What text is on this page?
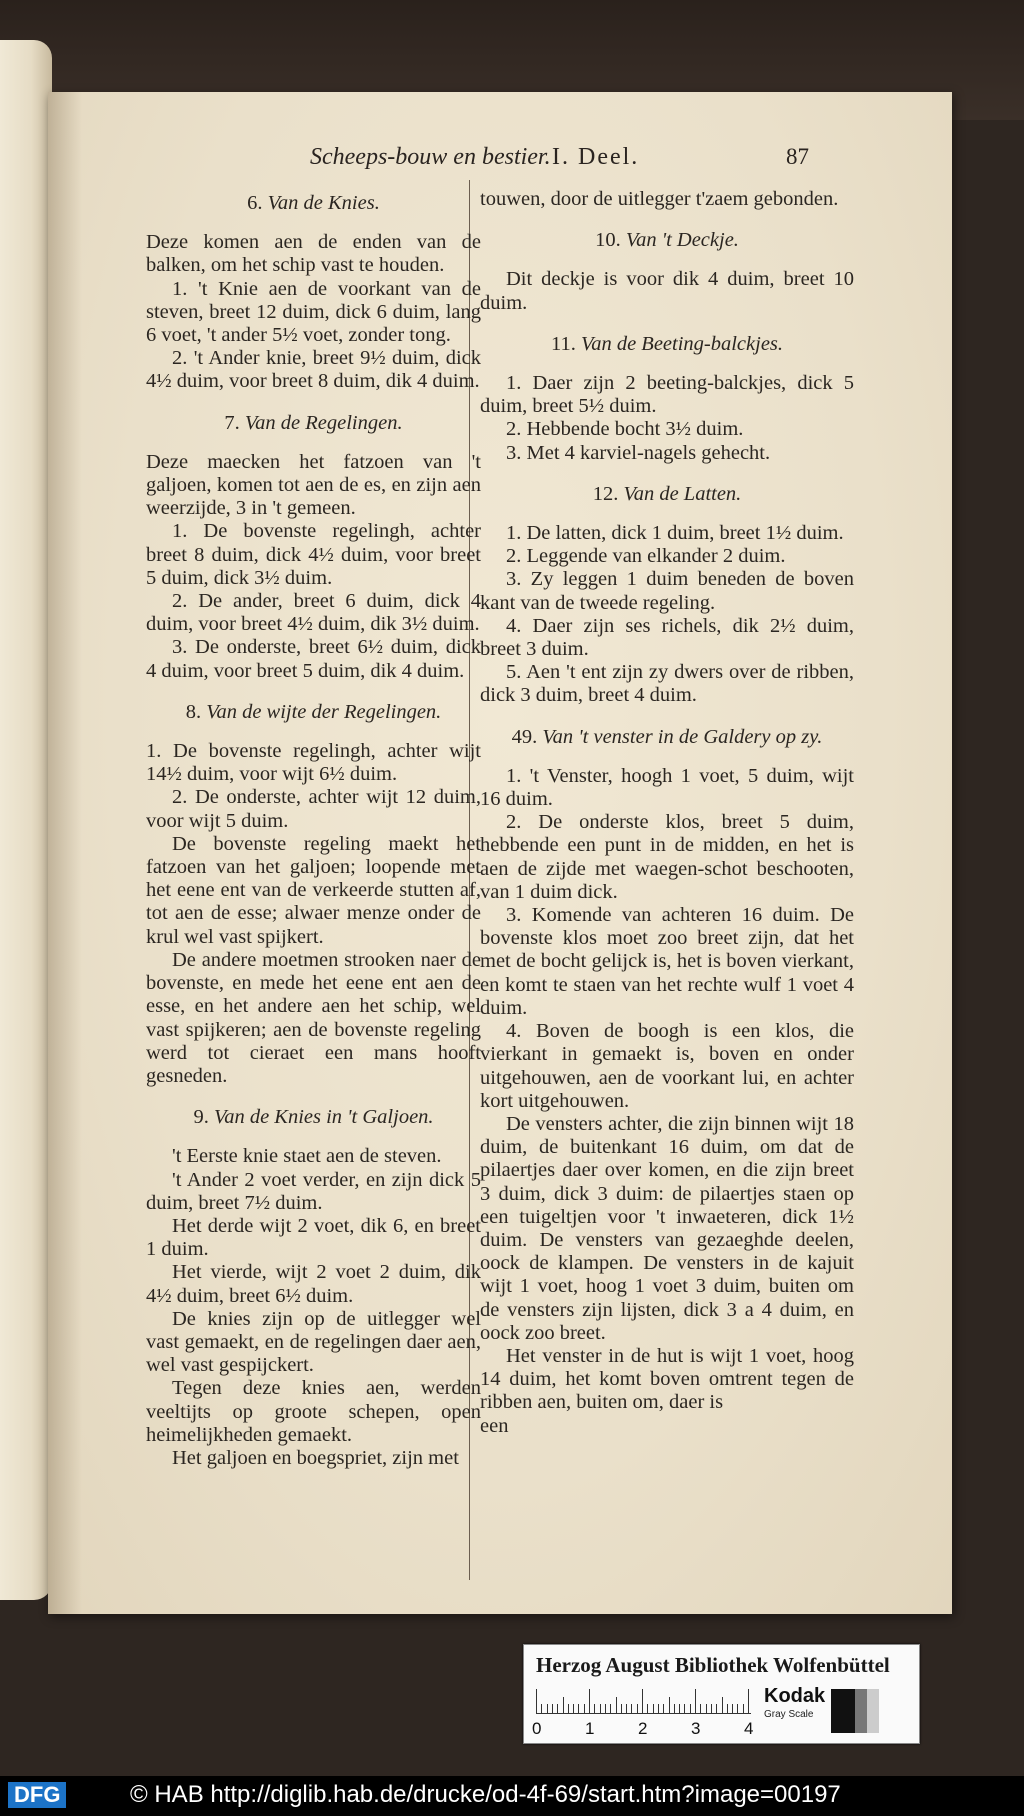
Scheeps-bouw en bestier. I. Deel.	87
6. Van de Knies.

Deze komen aen de enden van de balken, om het schip vast te houden.

1. 't Knie aen de voorkant van de steven, breet 12 duim, dick 6 duim, lang 6 voet, 't ander 5½ voet, zonder tong.

2. 't Ander knie, breet 9½ duim, dick 4½ duim, voor breet 8 duim, dik 4 duim.

7. Van de Regelingen.

Deze maecken het fatzoen van 't galjoen, komen tot aen de es, en zijn aen weerzijde, 3 in 't gemeen.

1. De bovenste regelingh, achter breet 8 duim, dick 4½ duim, voor breet 5 duim, dick 3½ duim.

2. De ander, breet 6 duim, dick 4 duim, voor breet 4½ duim, dik 3½ duim.

3. De onderste, breet 6½ duim, dick 4 duim, voor breet 5 duim, dik 4 duim.

8. Van de wijte der Regelingen.

1. De bovenste regelingh, achter wijt 14½ duim, voor wijt 6½ duim.

2. De onderste, achter wijt 12 duim, voor wijt 5 duim.

De bovenste regeling maekt het fatzoen van het galjoen; loopende met het eene ent van de verkeerde stutten af, tot aen de esse; alwaer menze onder de krul wel vast spijkert.

De andere moetmen strooken naer de bovenste, en mede het eene ent aen de esse, en het andere aen het schip, wel vast spijkeren; aen de bovenste regeling werd tot cieraet een mans hooft gesneden.

9. Van de Knies in 't Galjoen.

't Eerste knie staet aen de steven.

't Ander 2 voet verder, en zijn dick 5 duim, breet 7½ duim.

Het derde wijt 2 voet, dik 6, en breet 1 duim.

Het vierde, wijt 2 voet 2 duim, dik 4½ duim, breet 6½ duim.

De knies zijn op de uitlegger wel vast gemaekt, en de regelingen daer aen, wel vast gespijckert.

Tegen deze knies aen, werden veeltijts op groote schepen, open heimelijkheden gemaekt.

Het galjoen en boegspriet, zijn met

touwen, door de uitlegger t'zaem gebonden.

10. Van 't Deckje.

Dit deckje is voor dik 4 duim, breet 10 duim.

11. Van de Beeting-balckjes.

1. Daer zijn 2 beeting-balckjes, dick 5 duim, breet 5½ duim.

2. Hebbende bocht 3½ duim.

3. Met 4 karviel-nagels gehecht.

12. Van de Latten.

1. De latten, dick 1 duim, breet 1½ duim.

2. Leggende van elkander 2 duim.

3. Zy leggen 1 duim beneden de boven kant van de tweede regeling.

4. Daer zijn ses richels, dik 2½ duim, breet 3 duim.

5. Aen 't ent zijn zy dwers over de ribben, dick 3 duim, breet 4 duim.

49. Van 't venster in de Galdery op zy.

1. 't Venster, hoogh 1 voet, 5 duim, wijt 16 duim.

2. De onderste klos, breet 5 duim, hebbende een punt in de midden, en het is aen de zijde met waegen-schot beschooten, van 1 duim dick.

3. Komende van achteren 16 duim. De bovenste klos moet zoo breet zijn, dat het met de bocht gelijck is, het is boven vierkant, en komt te staen van het rechte wulf 1 voet 4 duim.

4. Boven de boogh is een klos, die vierkant in gemaekt is, boven en onder uitgehouwen, aen de voorkant lui, en achter kort uitgehouwen.

De vensters achter, die zijn binnen wijt 18 duim, de buitenkant 16 duim, om dat de pilaertjes daer over komen, en die zijn breet 3 duim, dick 3 duim: de pilaertjes staen op een tuigeltjen voor 't inwaeteren, dick 1½ duim. De vensters van gezaeghde deelen, oock de klampen. De vensters in de kajuit wijt 1 voet, hoog 1 voet 3 duim, buiten om de vensters zijn lijsten, dick 3 a 4 duim, en oock zoo breet.

Het venster in de hut is wijt 1 voet, hoog 14 duim, het komt boven omtrent tegen de ribben aen, buiten om, daer is

een

Herzog August Bibliothek Wolfenbüttel
0	1	2	3	4
Kodak
Gray Scale
DFG	© HAB http://diglib.hab.de/drucke/od-4f-69/start.htm?image=00197
